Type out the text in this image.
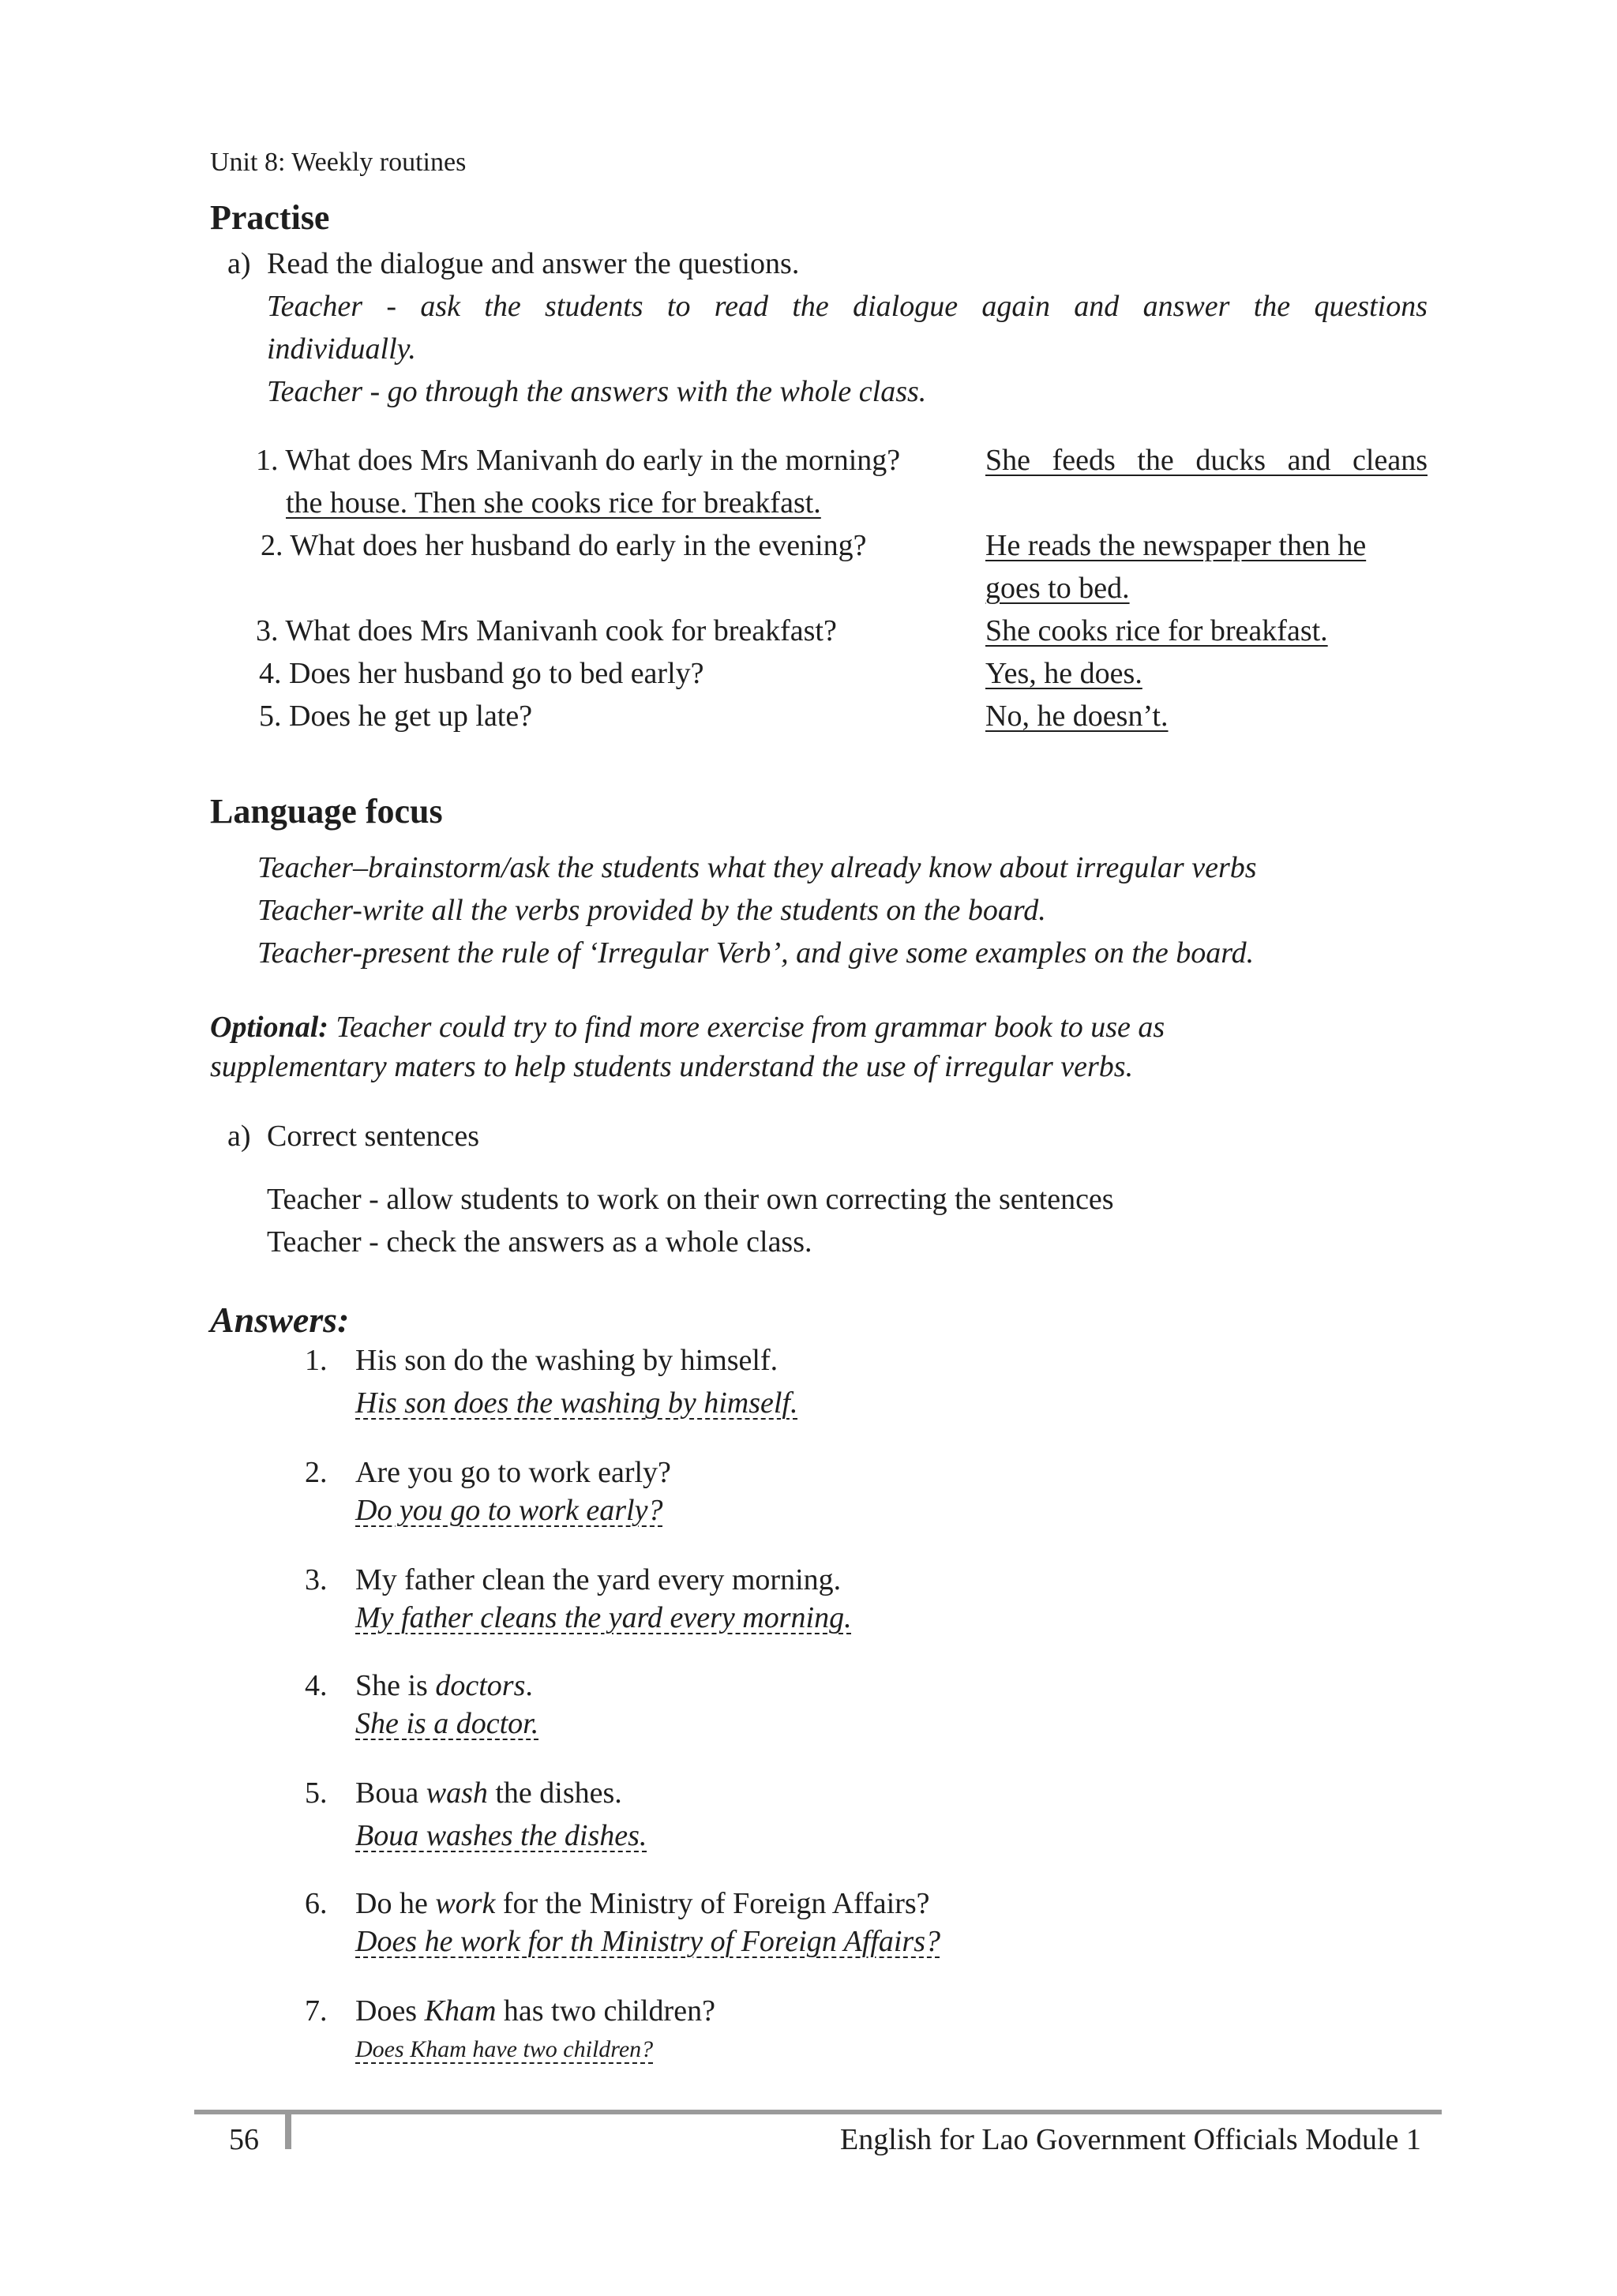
Unit 8: Weekly routines
Practise
a) Read the dialogue and answer the questions.
Teacher - ask the students to read the dialogue again and answer the questions
individually.
Teacher - go through the answers with the whole class.
1. What does Mrs Manivanh do early in the morning?	She feeds the ducks and cleans
the house. Then she cooks rice for breakfast.
2. What does her husband do early in the evening?	He reads the newspaper then he
goes to bed.
3. What does Mrs Manivanh cook for breakfast?	She cooks rice for breakfast.
4. Does her husband go to bed early?	Yes, he does.
5. Does he get up late?	No, he doesn’t.
Language focus
Teacher–brainstorm/ask the students what they already know about irregular verbs
Teacher-write all the verbs provided by the students on the board.
Teacher-present the rule of ‘Irregular Verb’, and give some examples on the board.
Optional: Teacher could try to find more exercise from grammar book to use as
supplementary maters to help students understand the use of irregular verbs.
a) Correct sentences
Teacher - allow students to work on their own correcting the sentences
Teacher - check the answers as a whole class.
Answers:
1. His son do the washing by himself.
His son does the washing by himself.
2. Are you go to work early?
Do you go to work early?
3. My father clean the yard every morning.
My father cleans the yard every morning.
4. She is doctors.
She is a doctor.
5. Boua wash the dishes.
Boua washes the dishes.
6. Do he work for the Ministry of Foreign Affairs?
Does he work for th Ministry of Foreign Affairs?
7. Does Kham has two children?
Does Kham have two children?
56	English for Lao Government Officials Module 1
